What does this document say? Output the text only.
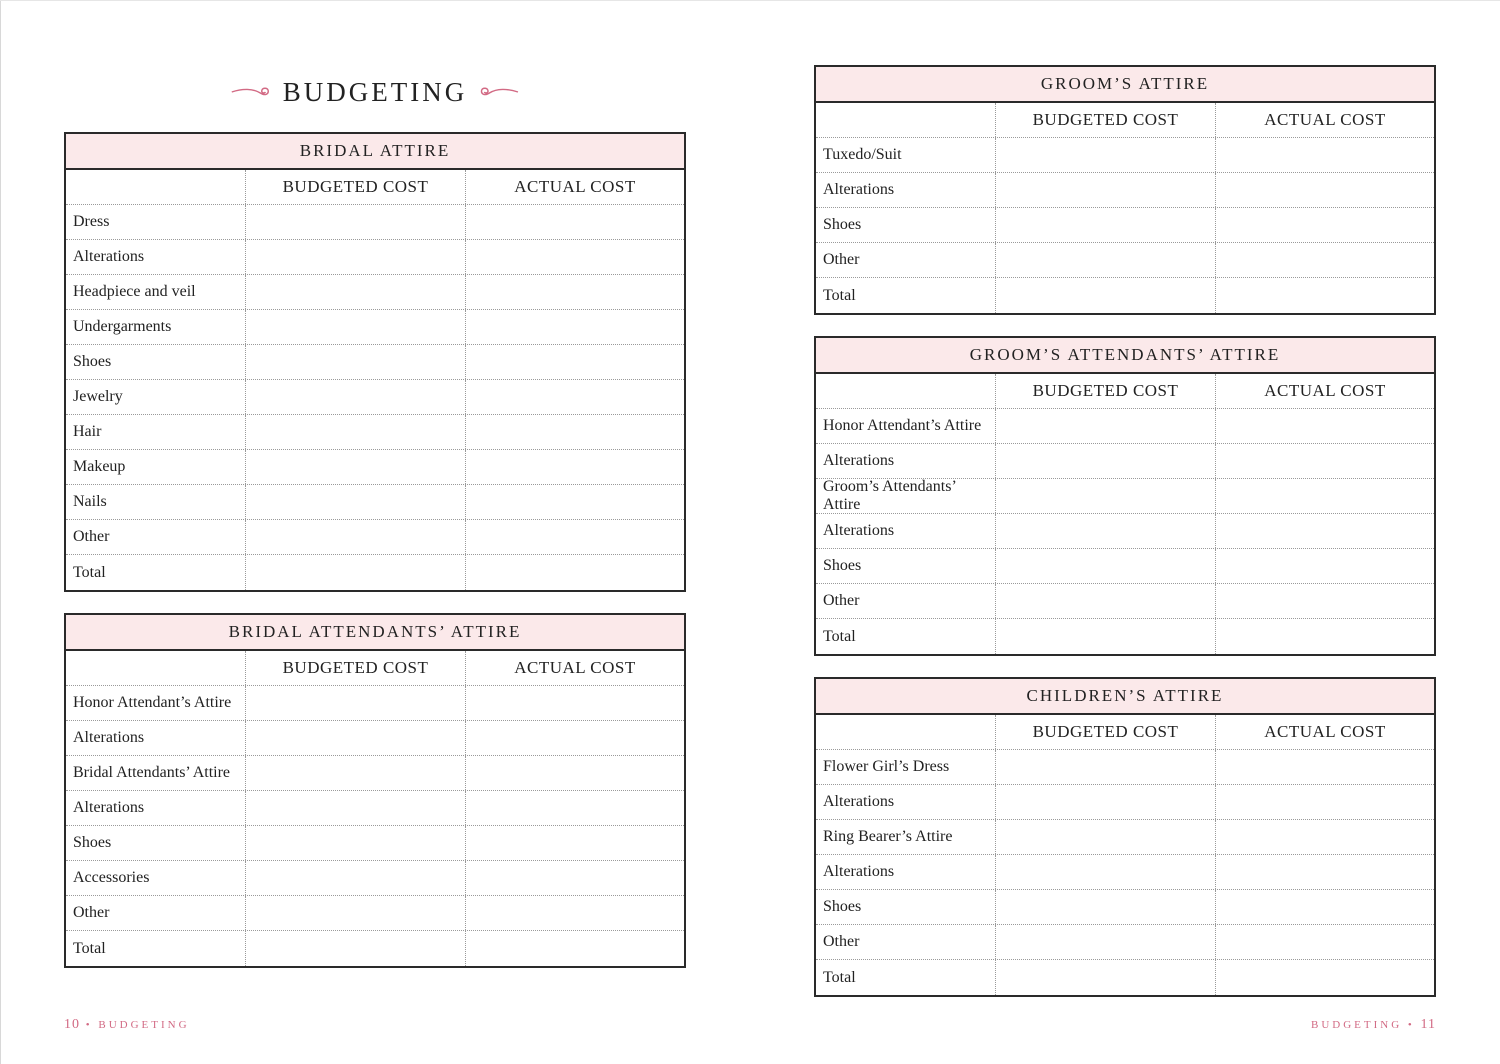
BUDGETING
BRIDAL ATTIRE
BUDGETED COST	ACTUAL COST
Dress
Alterations
Headpiece and veil
Undergarments
Shoes
Jewelry
Hair
Makeup
Nails
Other
Total
BRIDAL ATTENDANTS’ ATTIRE
BUDGETED COST	ACTUAL COST
Honor Attendant’s Attire
Alterations
Bridal Attendants’ Attire
Alterations
Shoes
Accessories
Other
Total
GROOM’S ATTIRE
BUDGETED COST	ACTUAL COST
Tuxedo/Suit
Alterations
Shoes
Other
Total
GROOM’S ATTENDANTS’ ATTIRE
BUDGETED COST	ACTUAL COST
Honor Attendant’s Attire
Alterations
Groom’s Attendants’ Attire
Alterations
Shoes
Other
Total
CHILDREN’S ATTIRE
BUDGETED COST	ACTUAL COST
Flower Girl’s Dress
Alterations
Ring Bearer’s Attire
Alterations
Shoes
Other
Total
10 • BUDGETING	BUDGETING • 11
